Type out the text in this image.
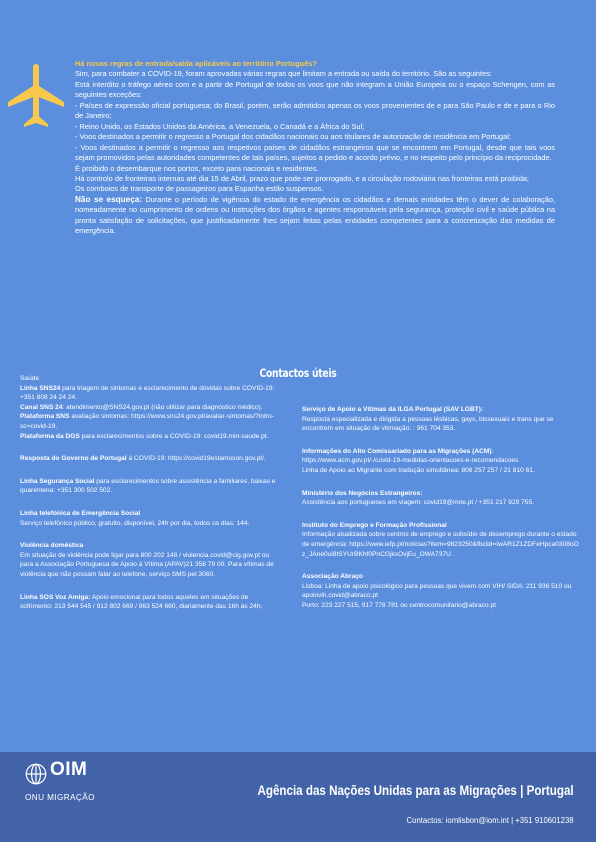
Há novas regras de entrada/saída aplicáveis ao território Português?

Sim, para combater a COVID-19, foram aprovadas várias regras que limitam a entrada ou saída do território. São as seguintes:

Está interdito o tráfego aéreo com e a partir de Portugal de todos os voos que não integram a União Europeia ou o espaço Schengen, com as seguintes exceções:

- Países de expressão oficial portuguesa; do Brasil, porém, serão admitidos apenas os voos provenientes de e para São Paulo e de e para o Rio de Janeiro;

- Reino Unido, os Estados Unidos da América, a Venezuela, o Canadá e a África do Sul;

- Voos destinados a permitir o regresso a Portugal dos cidadãos nacionais ou aos titulares de autorização de residência em Portugal;

- Voos destinados a permitir o regresso aos respetivos países de cidadãos estrangeiros que se encontrem em Portugal, desde que tais voos sejam promovidos pelas autoridades competentes de tais países, sujeitos a pedido e acordo prévio, e no respeito pelo princípio da reciprocidade.

É proibido o desembarque nos portos, exceto para nacionais e residentes.

Há controlo de fronteiras internas até dia 15 de Abril, prazo que pode ser prorrogado, e a circulação rodoviária nas fronteiras está proibida;

Os comboios de transporte de passageiros para Espanha estão suspensos.

Não se esqueça: Durante o período de vigência do estado de emergência os cidadãos e demais entidades têm o dever de colaboração, nomeadamente no cumprimento de ordens ou instruções dos órgãos e agentes responsáveis pela segurança, proteção civil e saúde pública na pronta satisfação de solicitações, que justificadamente lhes sejam feitas pelas entidades competentes para a concretização das medidas de emergência.

Contactos úteis

Saúde

Linha SNS24 para triagem de sintomas e esclarecimento de dúvidas sobre COVID-19: +351 808 24 24 24.

Canal SNS 24: atendimento@SNS24.gov.pt (não utilizar para diagnóstico médico).

Plataforma SNS avaliação sintomas: https://www.sns24.gov.pt/avaliar-sintomas/?intro-sc=covid-19.

Plataforma da DGS para esclarecimentos sobre a COVID-19: covid19.min-saude.pt.

Resposta do Governo de Portugal à COVID-19: https://covid19estamoson.gov.pt/.

Linha Segurança Social para esclarecimentos sobre assistência a familiares, baixas e quarentena: +351 300 502 502.

Linha telefónica de Emergência Social

Serviço telefónico público, gratuito, disponível, 24h por dia, todos os dias: 144.

Violência doméstica

Em situação de violência pode ligar para 800 202 148 / violencia.covid@cig.gov.pt ou para a Associação Portuguesa de Apoio à Vítima (APAV)21 358 79 00. Para vítimas de violência que não possam falar ao telefone, serviço SMS pel 3060.

Linha SOS Voz Amiga: Apoio emocional para todos aqueles em situações de sofrimento: 213 544 545 / 912 802 669 / 963 524 660, diariamente das 16h às 24h;

Serviço de Apoio a Vítimas da ILGA Portugal (SAV LGBT):

Resposta especializada e dirigida a pessoas lésbicas, gays, bissexuais e trans que se encontrem em situação de vitimação: : 961 704 353.

Informações do Alto Comissariado para as Migrações (ACM): https://www.acm.gov.pt/-/covid-19-medidas-orientacoes-e-recomendacoes

Linha de Apoio ao Migrante com tradução simultânea: 808 257 257 / 21 810 61.

Ministério dos Negócios Estrangeiros:

Assistência aos portugueses em viagem: covid19@mne.pt / +351 217 929 755.

Instituto do Emprego e Formação Profissional

Informação atualizada sobre centros de emprego e subsídio de desemprego durante o estado de emergência: https://www.iefp.pt/noticias?item=9823250&fbclid=IwAR1Z1ZDFeHpca0308oOz_JAne0ui8tSYUrBKhf0PnCGjksOvjEu_OWA737U .

Associação Abraço

Lisboa: Linha de apoio psicológico para pessoas que vivem com VIH/ SIDA: 211 936 510 ou apoiovih.covid@abraco.pt

Porto: 223 227 515, 917 778 781 ou centrocomunitario@abraco.pt

OIM
ONU MIGRAÇÃO	Agência das Nações Unidas para as Migrações | Portugal
Contactos: iomlisbon@iom.int | +351 910601238
